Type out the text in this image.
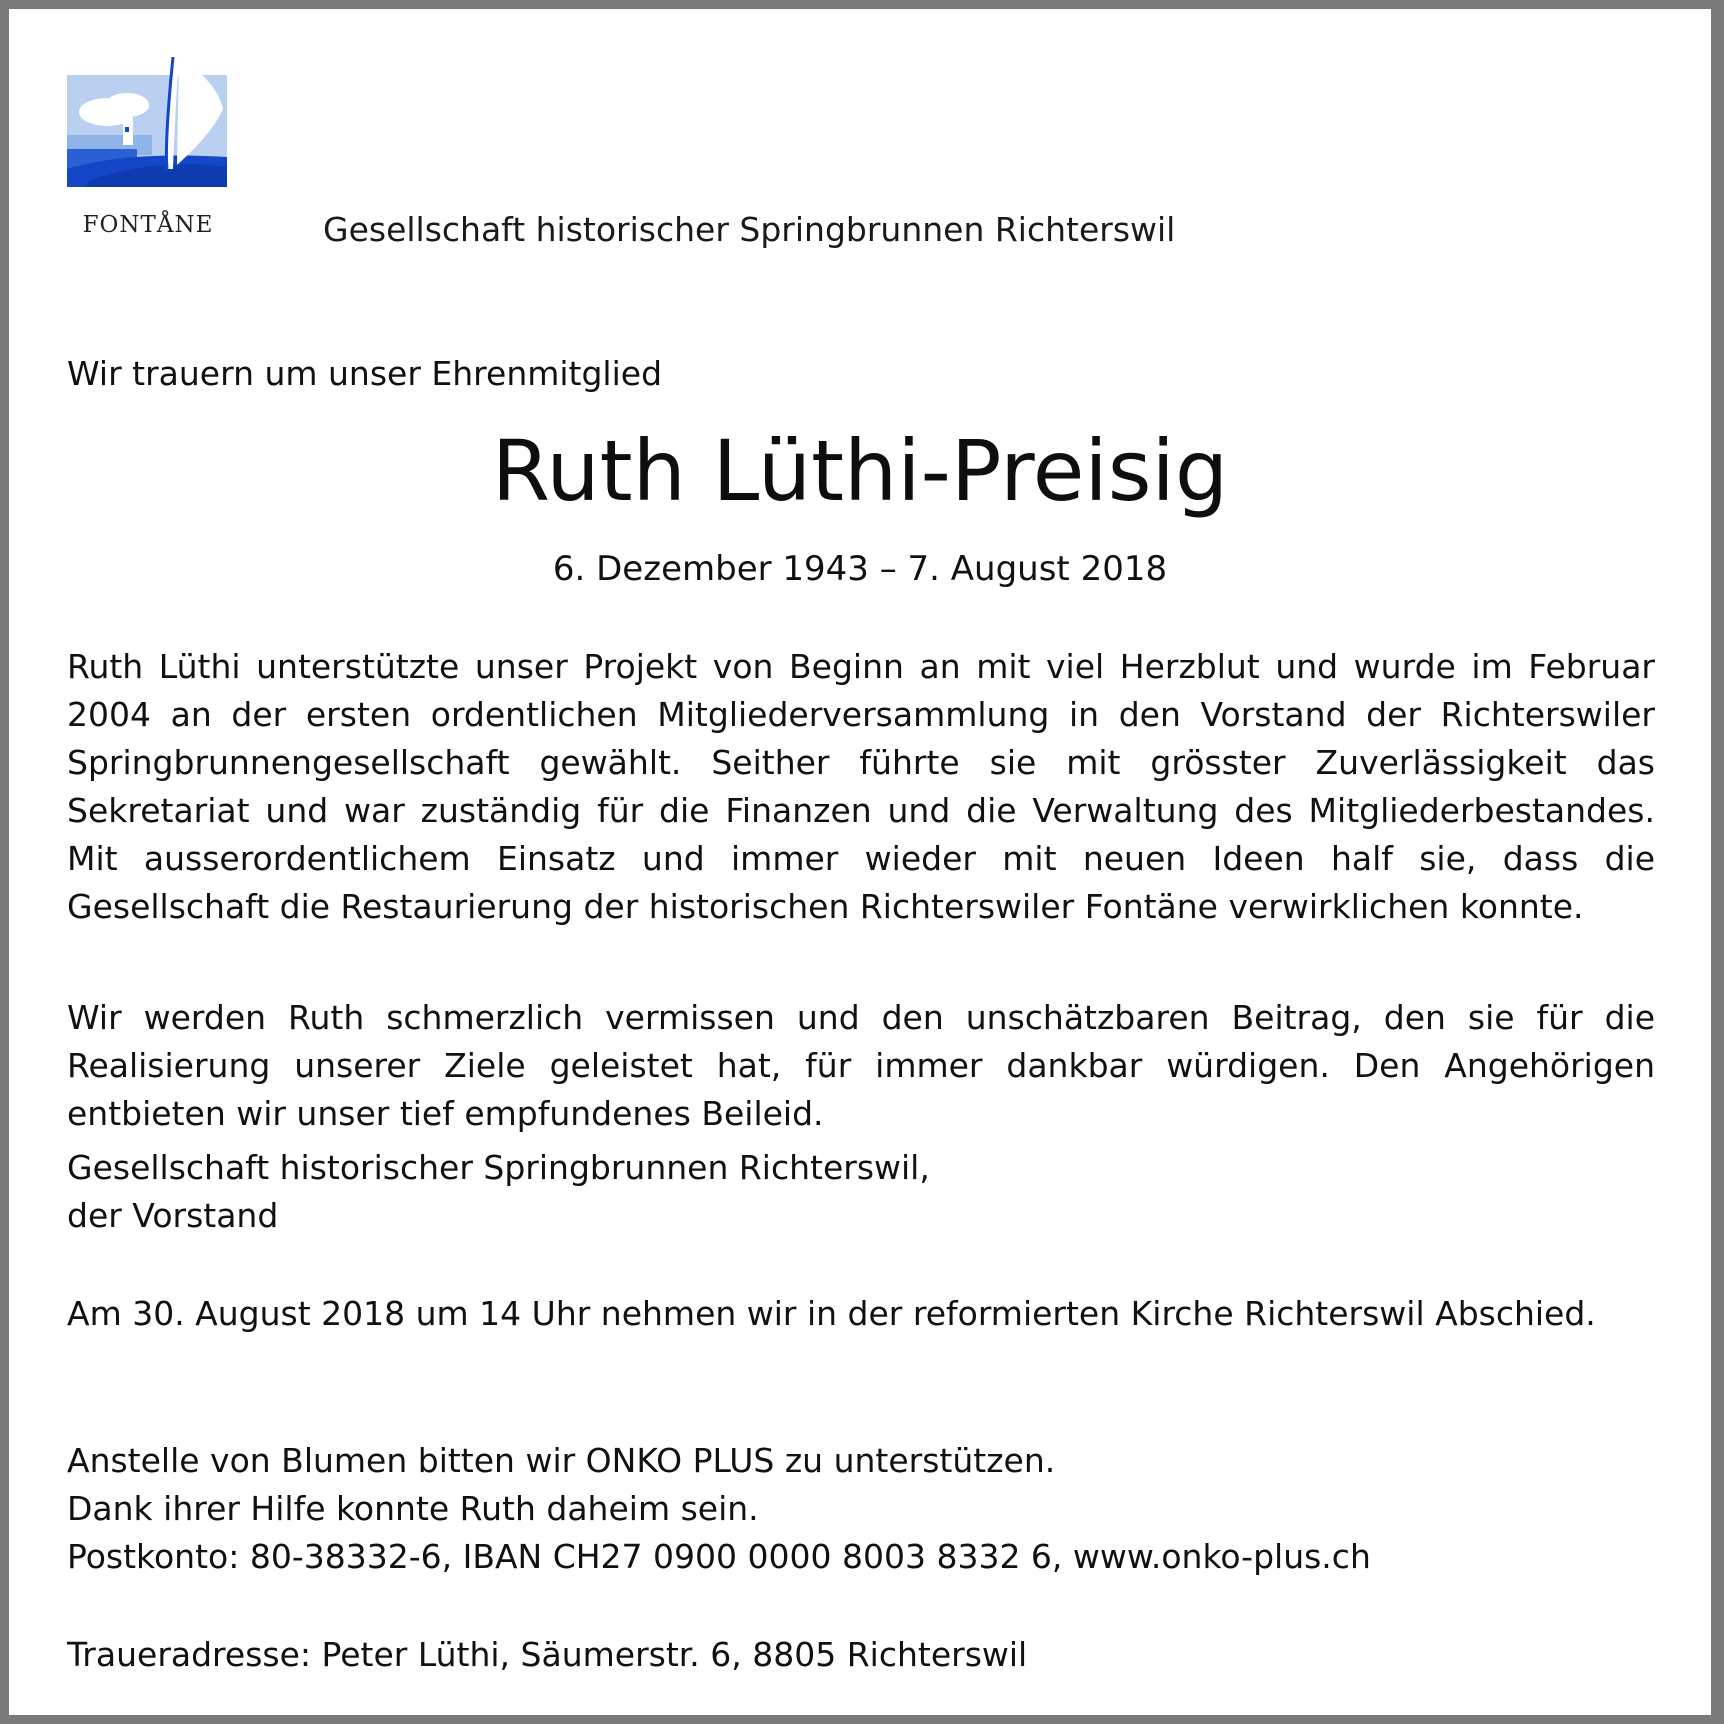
FONTÅNE	Gesellschaft historischer Springbrunnen Richterswil
Wir trauern um unser Ehrenmitglied
Ruth Lüthi-Preisig
6. Dezember 1943 – 7. August 2018
Ruth Lüthi unterstützte unser Projekt von Beginn an mit viel Herzblut und wurde im Februar 2004 an der ersten ordentlichen Mitgliederversammlung in den Vorstand der Richterswiler Springbrunnengesellschaft gewählt. Seither führte sie mit grösster Zuverlässigkeit das Sekretariat und war zuständig für die Finanzen und die Verwaltung des Mitgliederbestandes. Mit ausserordentlichem Einsatz und immer wieder mit neuen Ideen half sie, dass die Gesellschaft die Restaurierung der historischen Richterswiler Fontäne verwirklichen konnte.
Wir werden Ruth schmerzlich vermissen und den unschätzbaren Beitrag, den sie für die Realisierung unserer Ziele geleistet hat, für immer dankbar würdigen. Den Angehörigen entbieten wir unser tief empfundenes Beileid.
Gesellschaft historischer Springbrunnen Richterswil,
der Vorstand
Am 30. August 2018 um 14 Uhr nehmen wir in der reformierten Kirche Richterswil Abschied.
Anstelle von Blumen bitten wir ONKO PLUS zu unterstützen.
Dank ihrer Hilfe konnte Ruth daheim sein.
Postkonto: 80-38332-6, IBAN CH27 0900 0000 8003 8332 6, www.onko-plus.ch
Traueradresse: Peter Lüthi, Säumerstr. 6, 8805 Richterswil
